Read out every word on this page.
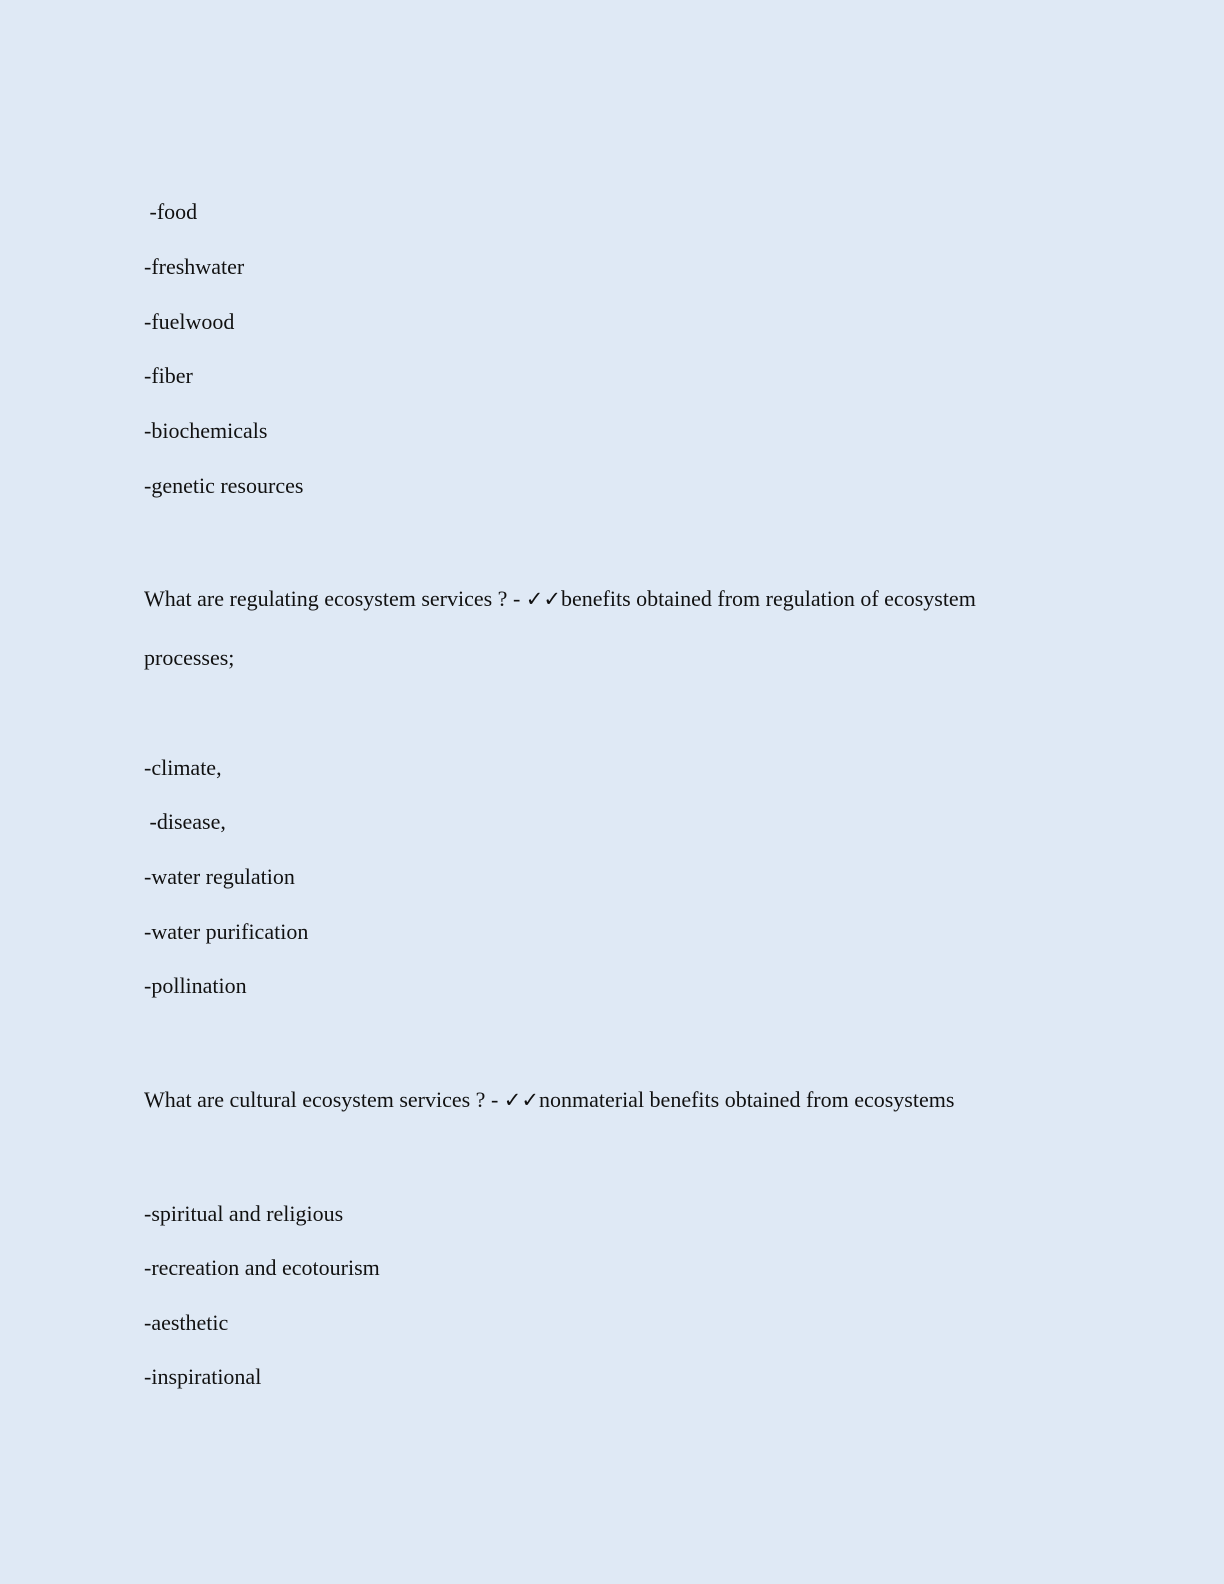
-food
-freshwater
-fuelwood
-fiber
-biochemicals
-genetic resources
What are regulating ecosystem services ? - ✓✓benefits obtained from regulation of ecosystem
processes;
-climate,
-disease,
-water regulation
-water purification
-pollination
What are cultural ecosystem services ? - ✓✓nonmaterial benefits obtained from ecosystems
-spiritual and religious
-recreation and ecotourism
-aesthetic
-inspirational
